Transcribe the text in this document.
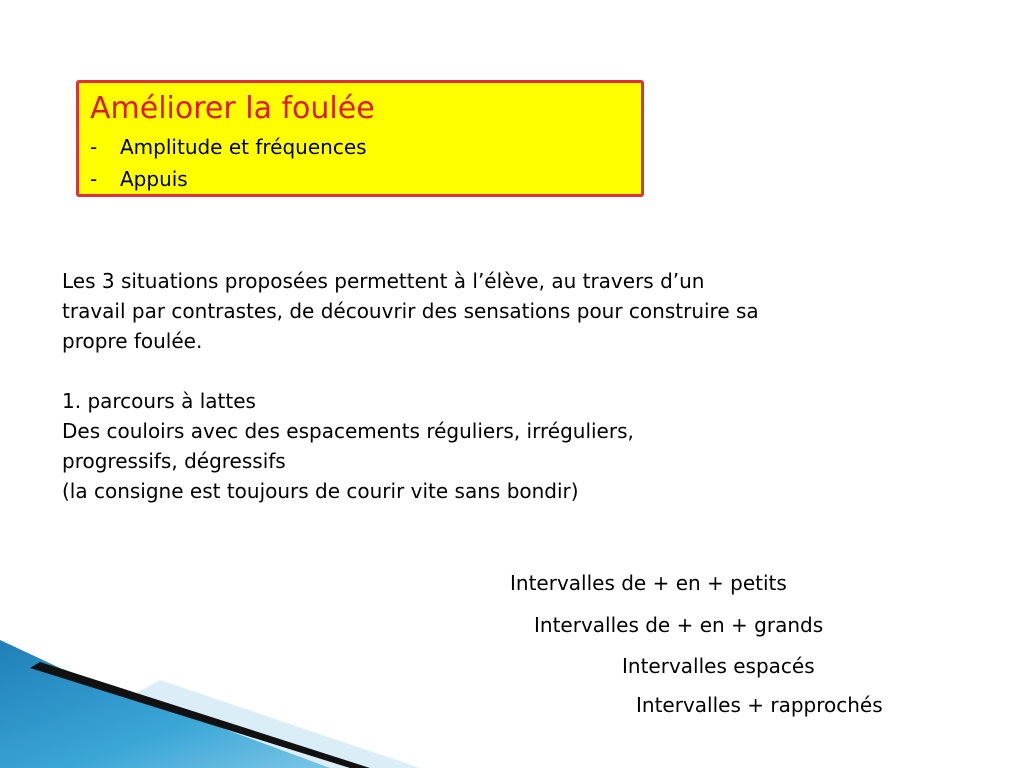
Améliorer la foulée
-	Amplitude et fréquences
-	Appuis

Les 3 situations proposées permettent à l’élève, au travers d’un
travail par contrastes, de découvrir des sensations pour construire sa
propre foulée.

1. parcours à lattes

Des couloirs avec des espacements réguliers, irréguliers,
progressifs, dégressifs

(la consigne est toujours de courir vite sans bondir)

Intervalles de + en + petits
Intervalles de + en + grands
Intervalles espacés
Intervalles + rapprochés
